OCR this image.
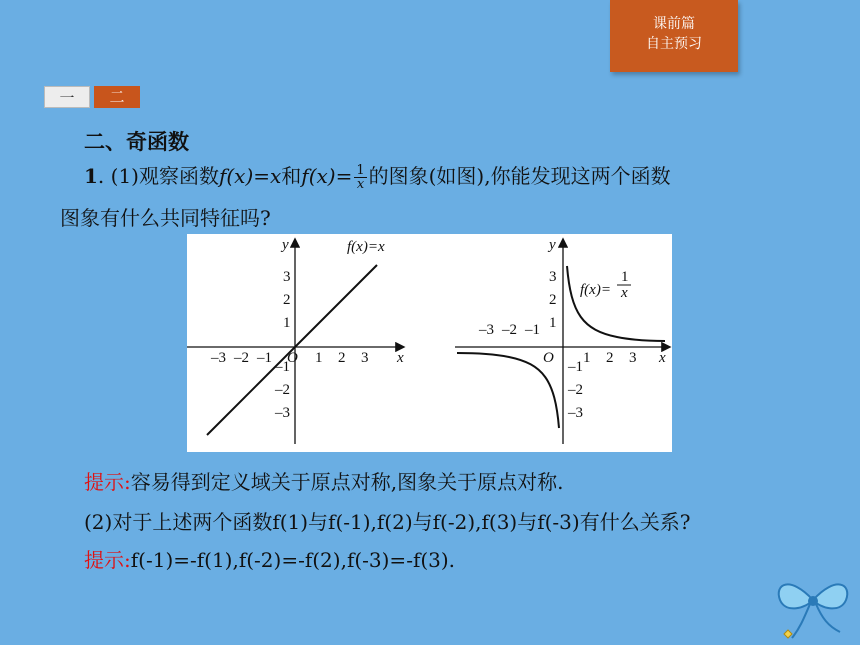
课前篇
自主预习
一	二
二、奇函数
1. (1)观察函数f(x)=x和$f(x)= \frac{1}{x}$ 的图象(如图),你能发现这两个函数
图象有什么共同特征吗?
x
y
O
f(x)=x
1 2 3
–3 –2 –1
3
2
1
–1
–2
–3
x
y
O
f(x)=
1
x
1 2 3
–3 –2 –1
3
2
1
–1
–2
–3
提示:容易得到定义域关于原点对称,图象关于原点对称.
(2)对于上述两个函数f(1)与f(-1),f(2)与f(-2),f(3)与f(-3)有什么关系?
提示:f(-1)=-f(1),f(-2)=-f(2),f(-3)=-f(3).
